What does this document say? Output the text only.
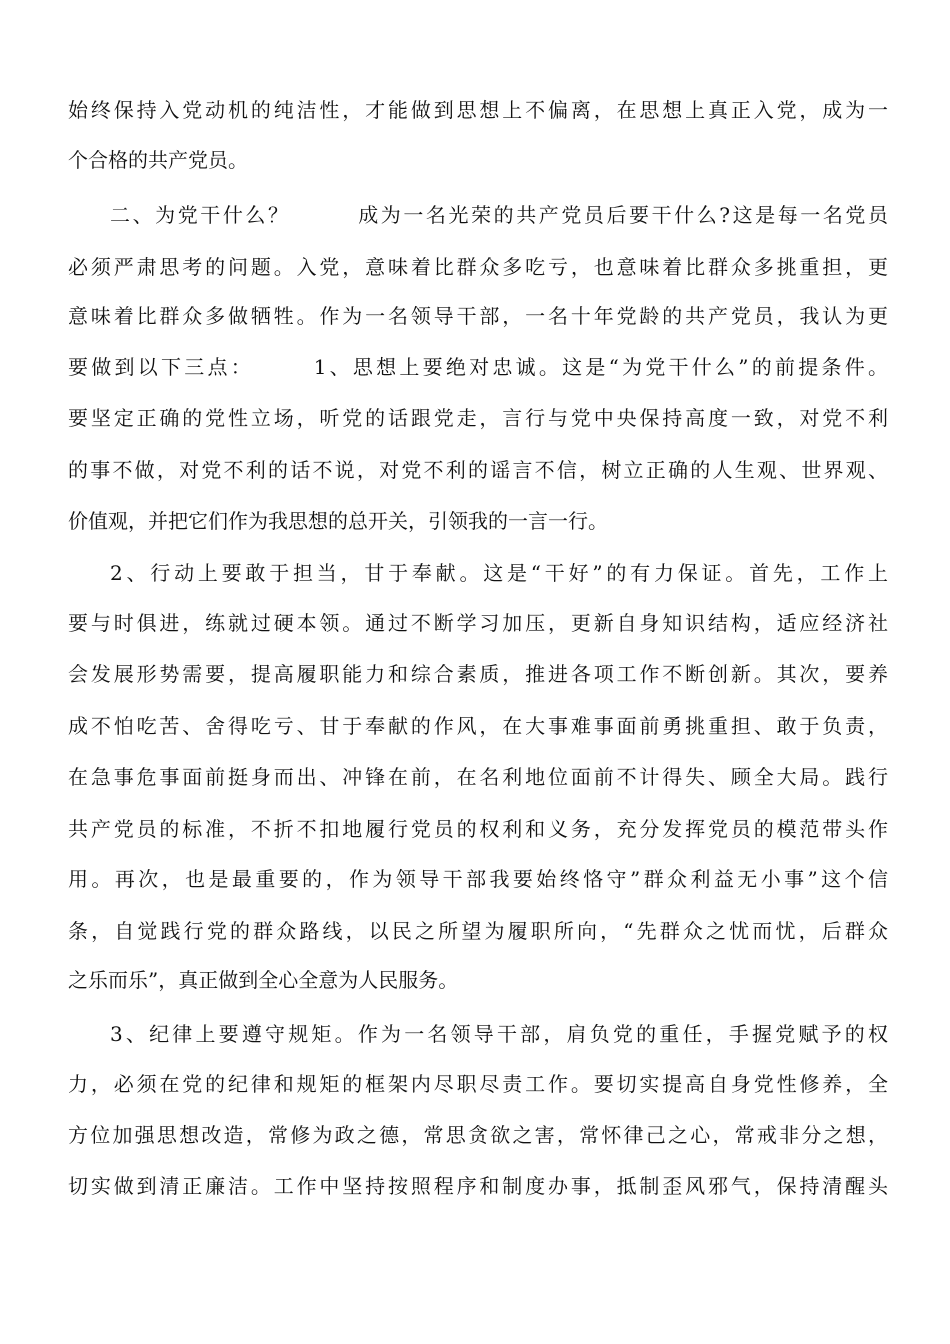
始终保持入党动机的纯洁性，才能做到思想上不偏离，在思想上真正入党，成为一
个合格的共产党员。
二、为党干什么？　　　成为一名光荣的共产党员后要干什么?这是每一名党员
必须严肃思考的问题。入党，意味着比群众多吃亏，也意味着比群众多挑重担，更
意味着比群众多做牺牲。作为一名领导干部，一名十年党龄的共产党员，我认为更
要做到以下三点：　　　1、思想上要绝对忠诚。这是“为党干什么”的前提条件。
要坚定正确的党性立场，听党的话跟党走，言行与党中央保持高度一致，对党不利
的事不做，对党不利的话不说，对党不利的谣言不信，树立正确的人生观、世界观、
价值观，并把它们作为我思想的总开关，引领我的一言一行。
2、行动上要敢于担当，甘于奉献。这是“干好”的有力保证。首先，工作上
要与时俱进，练就过硬本领。通过不断学习加压，更新自身知识结构，适应经济社
会发展形势需要，提高履职能力和综合素质，推进各项工作不断创新。其次，要养
成不怕吃苦、舍得吃亏、甘于奉献的作风，在大事难事面前勇挑重担、敢于负责，
在急事危事面前挺身而出、冲锋在前，在名利地位面前不计得失、顾全大局。践行
共产党员的标准，不折不扣地履行党员的权利和义务，充分发挥党员的模范带头作
用。再次，也是最重要的，作为领导干部我要始终恪守”群众利益无小事”这个信
条，自觉践行党的群众路线，以民之所望为履职所向，“先群众之忧而忧，后群众
之乐而乐”，真正做到全心全意为人民服务。
3、纪律上要遵守规矩。作为一名领导干部，肩负党的重任，手握党赋予的权
力，必须在党的纪律和规矩的框架内尽职尽责工作。要切实提高自身党性修养，全
方位加强思想改造，常修为政之德，常思贪欲之害，常怀律己之心，常戒非分之想，
切实做到清正廉洁。工作中坚持按照程序和制度办事，抵制歪风邪气，保持清醒头
